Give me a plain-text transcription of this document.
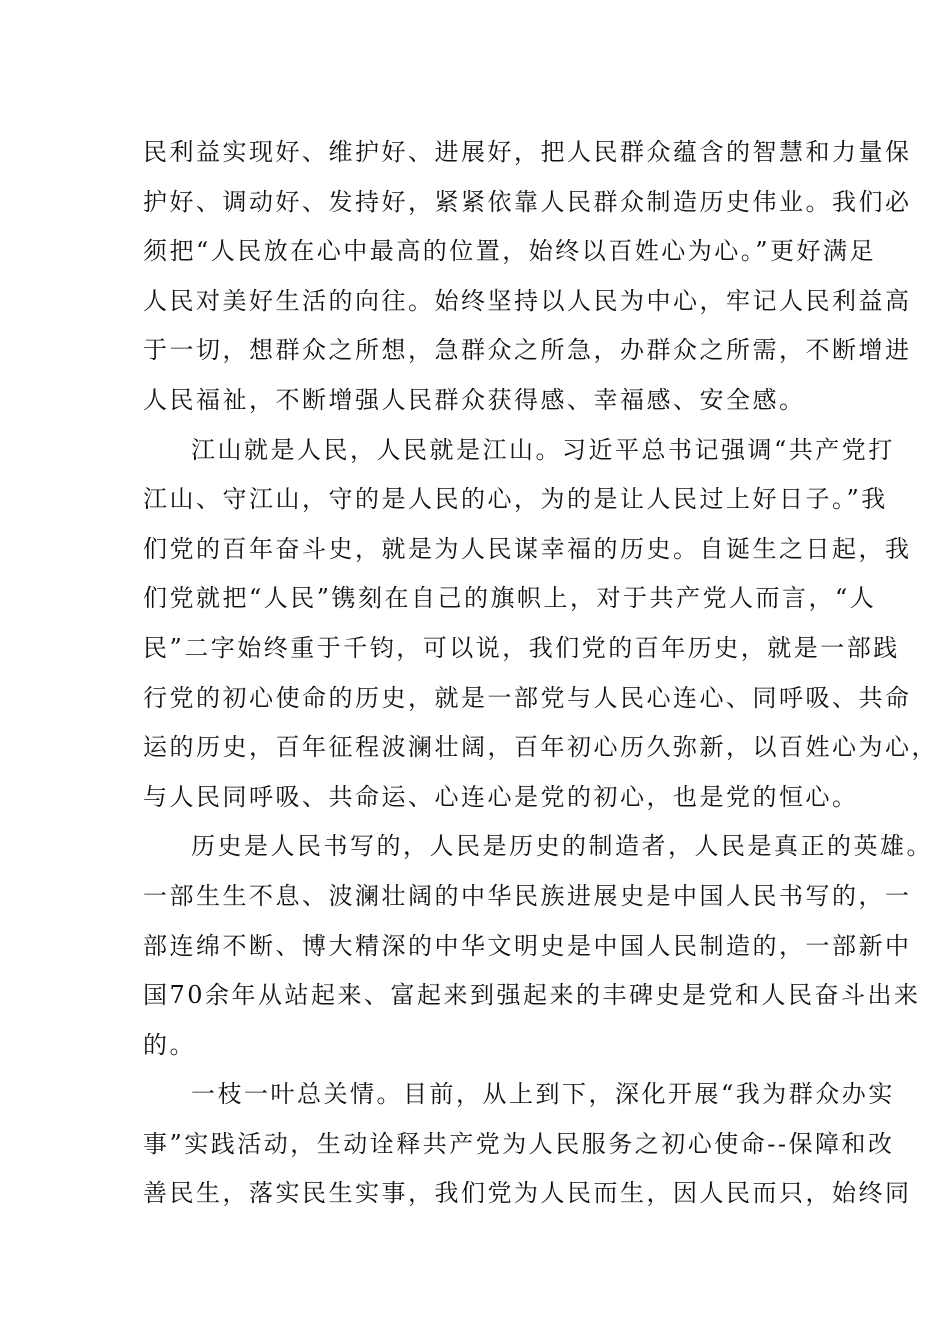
民利益实现好、维护好、进展好，把人民群众蕴含的智慧和力量保
护好、调动好、发持好，紧紧依靠人民群众制造历史伟业。我们必
须把“人民放在心中最高的位置，始终以百姓心为心。”更好满足
人民对美好生活的向往。始终坚持以人民为中心，牢记人民利益高
于一切，想群众之所想，急群众之所急，办群众之所需，不断增进
人民福祉，不断增强人民群众获得感、幸福感、安全感。
江山就是人民，人民就是江山。习近平总书记强调“共产党打
江山、守江山，守的是人民的心，为的是让人民过上好日子。”我
们党的百年奋斗史，就是为人民谋幸福的历史。自诞生之日起，我
们党就把“人民”镌刻在自己的旗帜上，对于共产党人而言，“人
民”二字始终重于千钧，可以说，我们党的百年历史，就是一部践
行党的初心使命的历史，就是一部党与人民心连心、同呼吸、共命
运的历史，百年征程波澜壮阔，百年初心历久弥新，以百姓心为心，
与人民同呼吸、共命运、心连心是党的初心，也是党的恒心。
历史是人民书写的，人民是历史的制造者，人民是真正的英雄。
一部生生不息、波澜壮阔的中华民族进展史是中国人民书写的，一
部连绵不断、博大精深的中华文明史是中国人民制造的，一部新中
国70余年从站起来、富起来到强起来的丰碑史是党和人民奋斗出来
的。
一枝一叶总关情。目前，从上到下，深化开展“我为群众办实
事”实践活动，生动诠释共产党为人民服务之初心使命--保障和改
善民生，落实民生实事，我们党为人民而生，因人民而只，始终同
